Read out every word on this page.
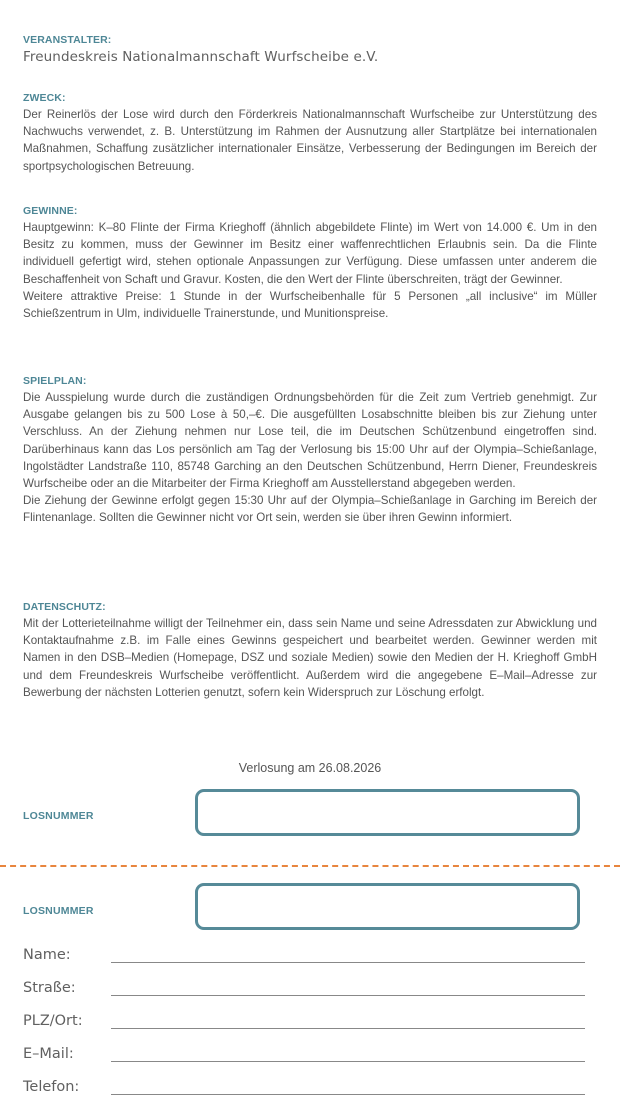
VERANSTALTER:
Freundeskreis Nationalmannschaft Wurfscheibe e.V.
ZWECK:

Der Reinerlös der Lose wird durch den Förderkreis Nationalmannschaft Wurfscheibe zur Unterstützung des Nachwuchs verwendet, z. B. Unterstützung im Rahmen der Ausnutzung aller Startplätze bei internationalen Maßnahmen, Schaffung zusätzlicher internationaler Einsätze, Verbesserung der Bedingungen im Bereich der sportpsychologischen Betreuung.

GEWINNE:

Hauptgewinn: K–80 Flinte der Firma Krieghoff (ähnlich abgebildete Flinte) im Wert von 14.000 €. Um in den Besitz zu kommen, muss der Gewinner im Besitz einer waffenrechtlichen Erlaubnis sein. Da die Flinte individuell gefertigt wird, stehen optionale Anpassungen zur Verfügung. Diese umfassen unter anderem die Beschaffenheit von Schaft und Gravur. Kosten, die den Wert der Flinte überschreiten, trägt der Gewinner.

Weitere attraktive Preise: 1 Stunde in der Wurfscheibenhalle für 5 Personen „all inclusive“ im Müller Schießzentrum in Ulm, individuelle Trainerstunde, und Munitionspreise.

SPIELPLAN:

Die Ausspielung wurde durch die zuständigen Ordnungsbehörden für die Zeit zum Vertrieb genehmigt. Zur Ausgabe gelangen bis zu 500 Lose à 50,–€. Die ausgefüllten Losabschnitte bleiben bis zur Ziehung unter Verschluss. An der Ziehung nehmen nur Lose teil, die im Deutschen Schützenbund eingetroffen sind. Darüberhinaus kann das Los persönlich am Tag der Verlosung bis 15:00 Uhr auf der Olympia–Schießanlage, Ingolstädter Landstraße 110, 85748 Garching an den Deutschen Schützenbund, Herrn Diener, Freundeskreis Wurfscheibe oder an die Mitarbeiter der Firma Krieghoff am Ausstellerstand abgegeben werden.

Die Ziehung der Gewinne erfolgt gegen 15:30 Uhr auf der Olympia–Schießanlage in Garching im Bereich der Flintenanlage. Sollten die Gewinner nicht vor Ort sein, werden sie über ihren Gewinn informiert.

DATENSCHUTZ:

Mit der Lotterieteilnahme willigt der Teilnehmer ein, dass sein Name und seine Adressdaten zur Abwicklung und Kontaktaufnahme z.B. im Falle eines Gewinns gespeichert und bearbeitet werden. Gewinner werden mit Namen in den DSB–Medien (Homepage, DSZ und soziale Medien) sowie den Medien der H. Krieghoff GmbH und dem Freundeskreis Wurfscheibe veröffentlicht. Außerdem wird die angegebene E–Mail–Adresse zur Bewerbung der nächsten Lotterien genutzt, sofern kein Widerspruch zur Löschung erfolgt.

Verlosung am 26.08.2026
LOSNUMMER
LOSNUMMER
Name:
Straße:
PLZ/Ort:
E–Mail:
Telefon:
